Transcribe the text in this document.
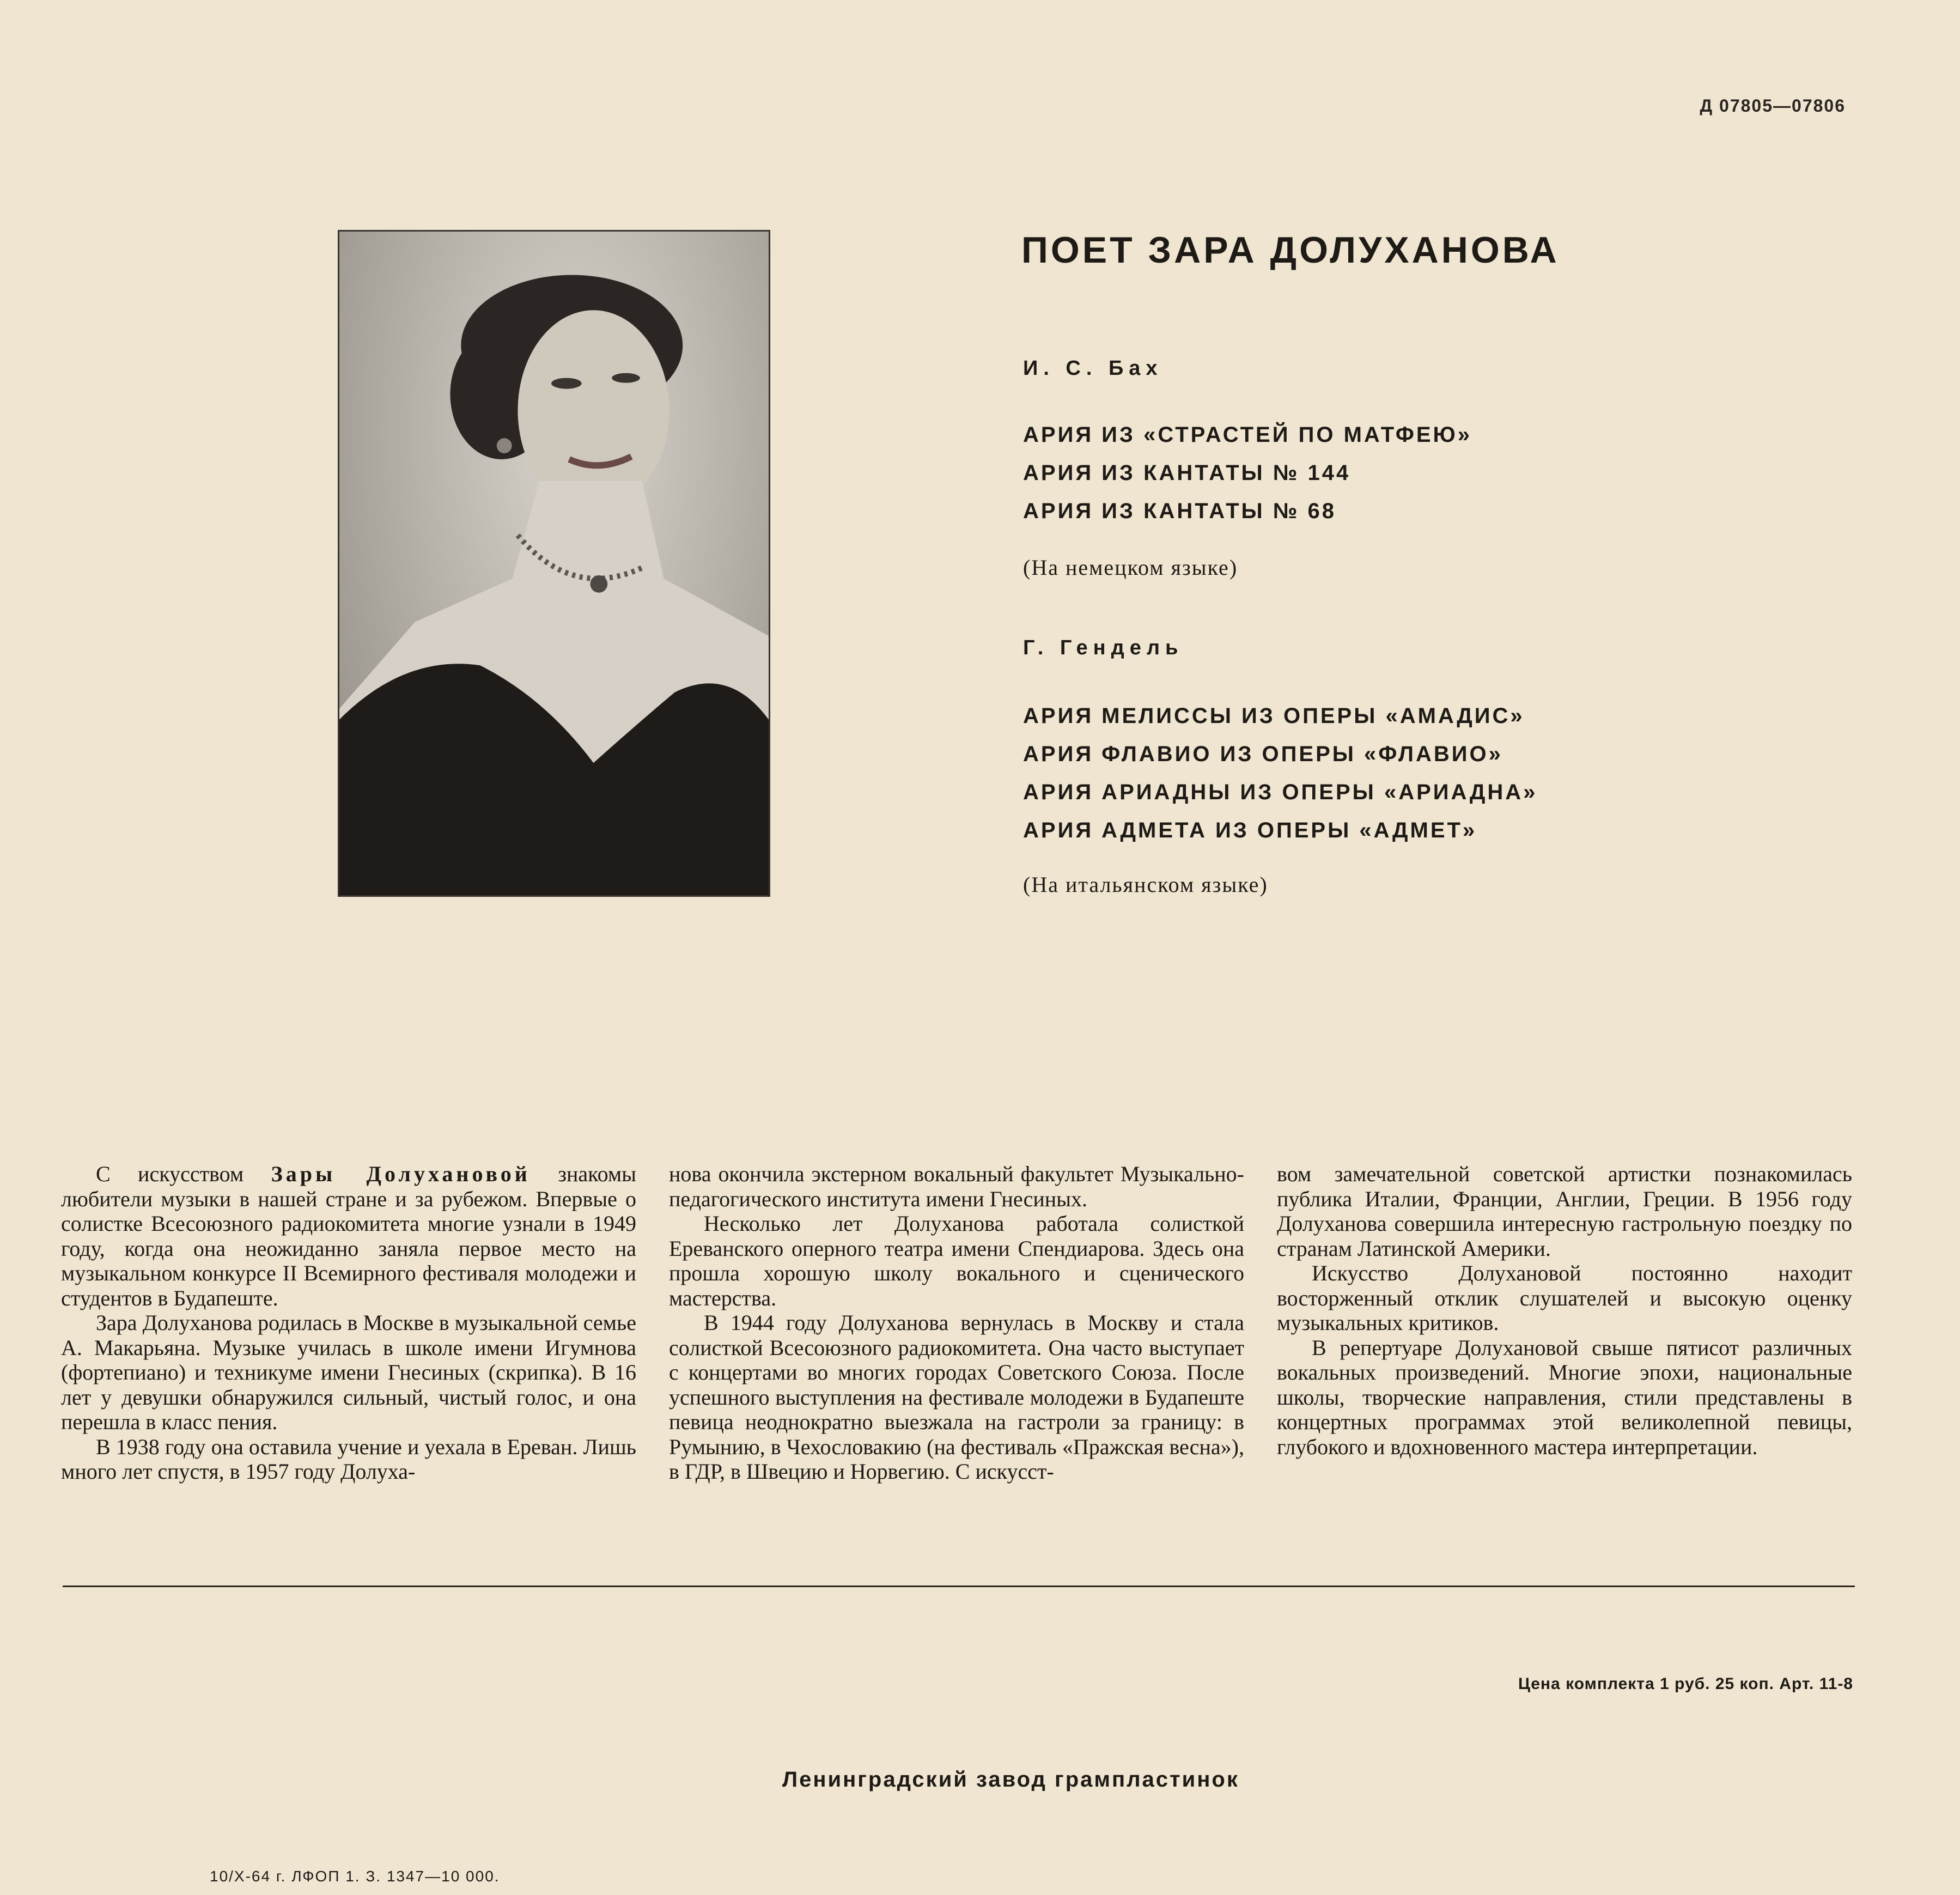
Д 07805—07806
ПОЕТ ЗАРА ДОЛУХАНОВА
И. С. Бах
АРИЯ ИЗ «СТРАСТЕЙ ПО МАТФЕЮ»
АРИЯ ИЗ КАНТАТЫ № 144
АРИЯ ИЗ КАНТАТЫ № 68
(На немецком языке)
Г. Гендель
АРИЯ МЕЛИССЫ ИЗ ОПЕРЫ «АМАДИС»
АРИЯ ФЛАВИО ИЗ ОПЕРЫ «ФЛАВИО»
АРИЯ АРИАДНЫ ИЗ ОПЕРЫ «АРИАДНА»
АРИЯ АДМЕТА ИЗ ОПЕРЫ «АДМЕТ»
(На итальянском языке)

С искусством Зары Долухановой знакомы любители музыки в нашей стране и за рубежом. Впервые о солистке Всесоюзного радиокомитета многие узнали в 1949 году, когда она неожиданно заняла первое место на музыкальном конкурсе II Всемирного фестиваля молодежи и студентов в Будапеште.

Зара Долуханова родилась в Москве в музыкальной семье А. Макарьяна. Музыке училась в школе имени Игумнова (фортепиано) и техникуме имени Гнесиных (скрипка). В 16 лет у девушки обнаружился сильный, чистый голос, и она перешла в класс пения.

В 1938 году она оставила учение и уехала в Ереван. Лишь много лет спустя, в 1957 году Долуха-

нова окончила экстерном вокальный факультет Музыкально-педагогического института имени Гнесиных.

Несколько лет Долуханова работала солисткой Ереванского оперного театра имени Спендиарова. Здесь она прошла хорошую школу вокального и сценического мастерства.

В 1944 году Долуханова вернулась в Москву и стала солисткой Всесоюзного радиокомитета. Она часто выступает с концертами во многих городах Советского Союза. После успешного выступления на фестивале молодежи в Будапеште певица неоднократно выезжала на гастроли за границу: в Румынию, в Чехословакию (на фестиваль «Пражская весна»), в ГДР, в Швецию и Норвегию. С искусст-

вом замечательной советской артистки познакомилась публика Италии, Франции, Англии, Греции. В 1956 году Долуханова совершила интересную гастрольную поездку по странам Латинской Америки.

Искусство Долухановой постоянно находит восторженный отклик слушателей и высокую оценку музыкальных критиков.

В репертуаре Долухановой свыше пятисот различных вокальных произведений. Многие эпохи, национальные школы, творческие направления, стили представлены в концертных программах этой великолепной певицы, глубокого и вдохновенного мастера интерпретации.

Цена комплекта 1 руб. 25 коп. Арт. 11-8
Ленинградский завод грампластинок
10/Х-64 г. ЛФОП 1. З. 1347—10 000.
